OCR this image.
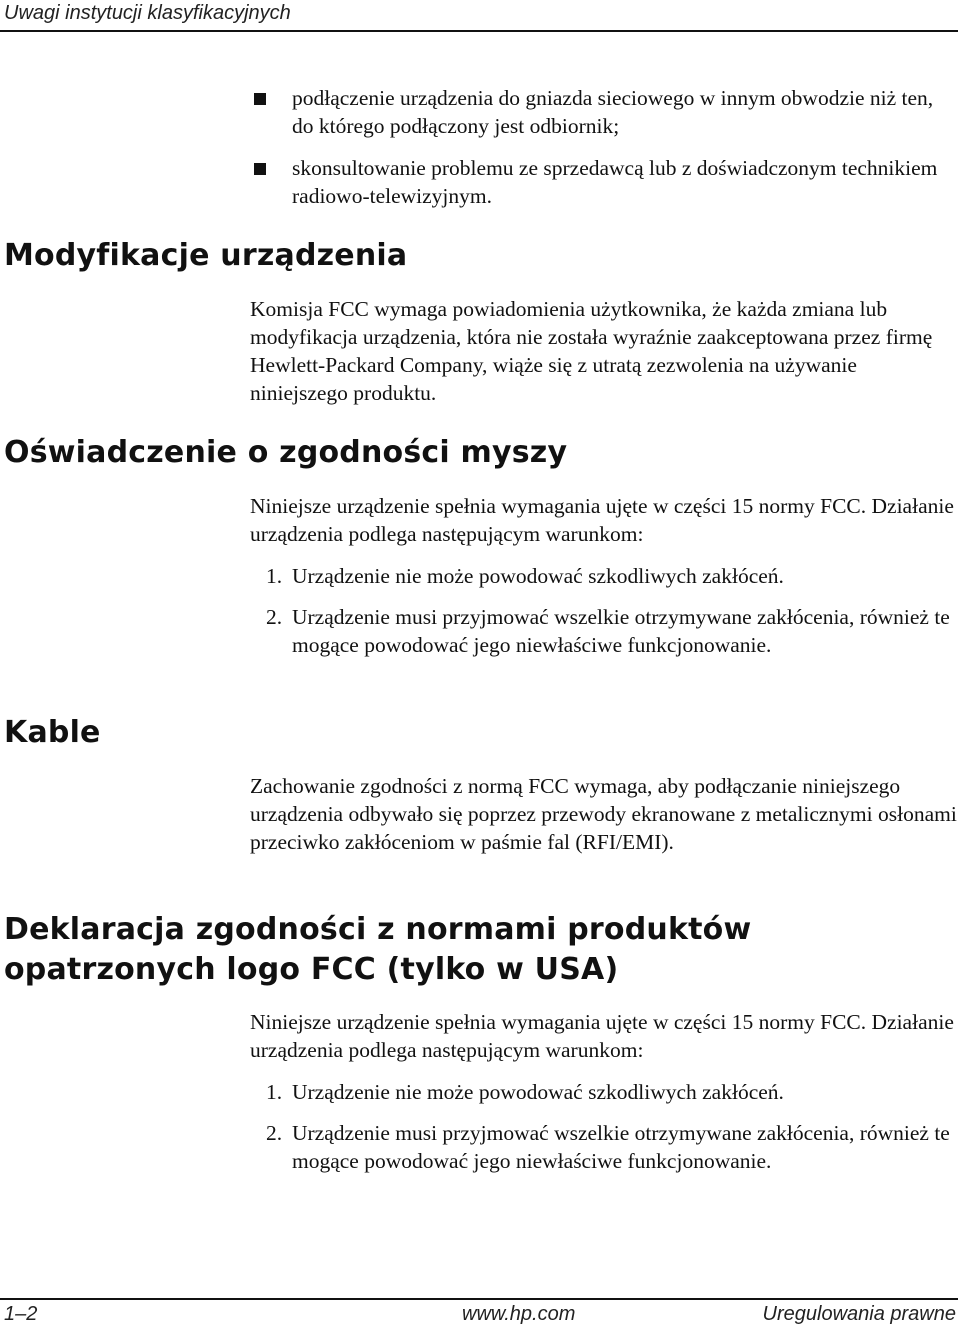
Uwagi instytucji klasyfikacyjnych
podłączenie urządzenia do gniazda sieciowego w innym obwodzie niż ten, do którego podłączony jest odbiornik;
skonsultowanie problemu ze sprzedawcą lub z doświadczonym technikiem radiowo-telewizyjnym.
Modyfikacje urządzenia

Komisja FCC wymaga powiadomienia użytkownika, że każda zmiana lub modyfikacja urządzenia, która nie została wyraźnie zaakceptowana przez firmę Hewlett-Packard Company, wiąże się z utratą zezwolenia na używanie niniejszego produktu.

Oświadczenie o zgodności myszy

Niniejsze urządzenie spełnia wymagania ujęte w części 15 normy FCC. Działanie urządzenia podlega następującym warunkom:

1. Urządzenie nie może powodować szkodliwych zakłóceń.
2. Urządzenie musi przyjmować wszelkie otrzymywane zakłócenia, również te mogące powodować jego niewłaściwe funkcjonowanie.
Kable

Zachowanie zgodności z normą FCC wymaga, aby podłączanie niniejszego urządzenia odbywało się poprzez przewody ekranowane z metalicznymi osłonami przeciwko zakłóceniom w paśmie fal (RFI/EMI).

Deklaracja zgodności z normami produktów
opatrzonych logo FCC (tylko w USA)

Niniejsze urządzenie spełnia wymagania ujęte w części 15 normy FCC. Działanie urządzenia podlega następującym warunkom:

1. Urządzenie nie może powodować szkodliwych zakłóceń.
2. Urządzenie musi przyjmować wszelkie otrzymywane zakłócenia, również te mogące powodować jego niewłaściwe funkcjonowanie.
1–2	www.hp.com	Uregulowania prawne
